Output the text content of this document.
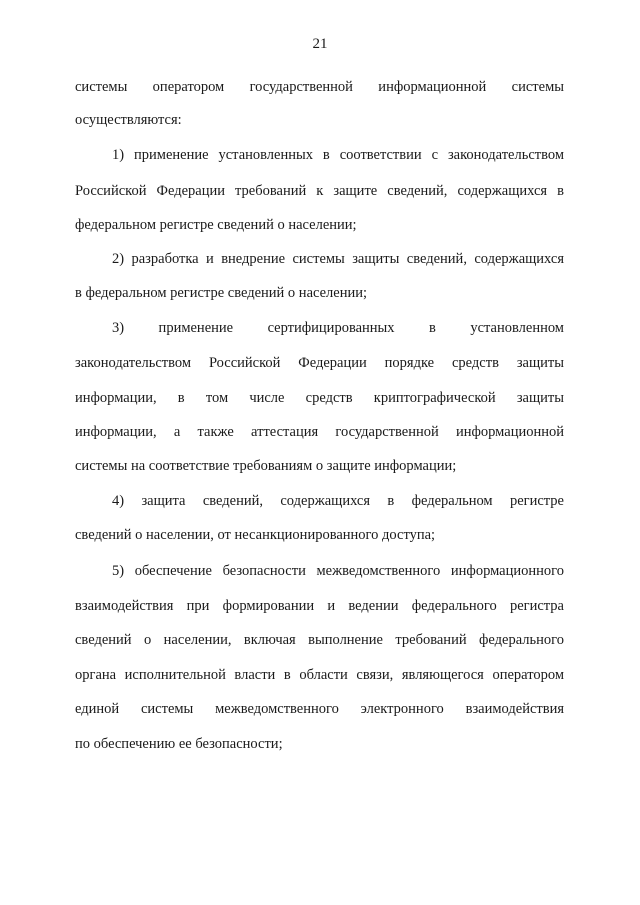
21
системы оператором государственной информационной системы
осуществляются:
1) применение установленных в соответствии с законодательством
Российской Федерации требований к защите сведений, содержащихся в
федеральном регистре сведений о населении;
2) разработка и внедрение системы защиты сведений, содержащихся
в федеральном регистре сведений о населении;
3) применение сертифицированных в установленном
законодательством Российской Федерации порядке средств защиты
информации, в том числе средств криптографической защиты
информации, а также аттестация государственной информационной
системы на соответствие требованиям о защите информации;
4) защита сведений, содержащихся в федеральном регистре
сведений о населении, от несанкционированного доступа;
5) обеспечение безопасности межведомственного информационного
взаимодействия при формировании и ведении федерального регистра
сведений о населении, включая выполнение требований федерального
органа исполнительной власти в области связи, являющегося оператором
единой системы межведомственного электронного взаимодействия
по обеспечению ее безопасности;
